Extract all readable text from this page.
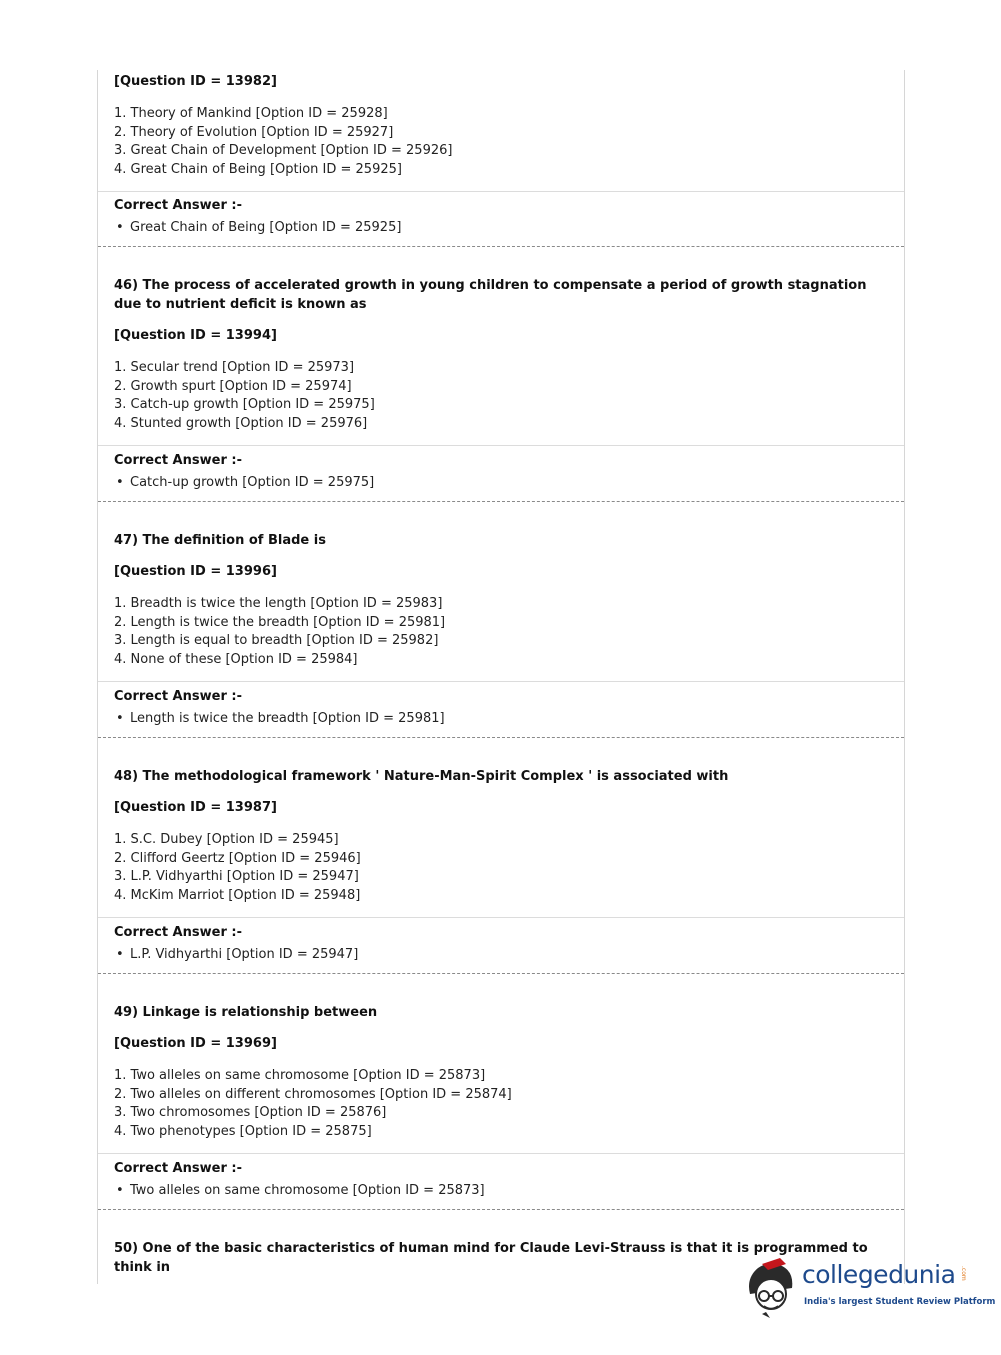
[Question ID = 13982]
1. Theory of Mankind [Option ID = 25928]
2. Theory of Evolution [Option ID = 25927]
3. Great Chain of Development [Option ID = 25926]
4. Great Chain of Being [Option ID = 25925]
Correct Answer :-
• Great Chain of Being [Option ID = 25925]
46) The process of accelerated growth in young children to compensate a period of growth stagnation due to nutrient deficit is known as
[Question ID = 13994]
1. Secular trend [Option ID = 25973]
2. Growth spurt [Option ID = 25974]
3. Catch-up growth [Option ID = 25975]
4. Stunted growth [Option ID = 25976]
Correct Answer :-
• Catch-up growth [Option ID = 25975]
47) The definition of Blade is
[Question ID = 13996]
1. Breadth is twice the length [Option ID = 25983]
2. Length is twice the breadth [Option ID = 25981]
3. Length is equal to breadth [Option ID = 25982]
4. None of these [Option ID = 25984]
Correct Answer :-
• Length is twice the breadth [Option ID = 25981]
48) The methodological framework ' Nature-Man-Spirit Complex ' is associated with
[Question ID = 13987]
1. S.C. Dubey [Option ID = 25945]
2. Clifford Geertz [Option ID = 25946]
3. L.P. Vidhyarthi [Option ID = 25947]
4. McKim Marriot [Option ID = 25948]
Correct Answer :-
• L.P. Vidhyarthi [Option ID = 25947]
49) Linkage is relationship between
[Question ID = 13969]
1. Two alleles on same chromosome [Option ID = 25873]
2. Two alleles on different chromosomes [Option ID = 25874]
3. Two chromosomes [Option ID = 25876]
4. Two phenotypes [Option ID = 25875]
Correct Answer :-
• Two alleles on same chromosome [Option ID = 25873]
50) One of the basic characteristics of human mind for Claude Levi-Strauss is that it is programmed to think in	collegedunia .com
India's largest Student Review Platform
